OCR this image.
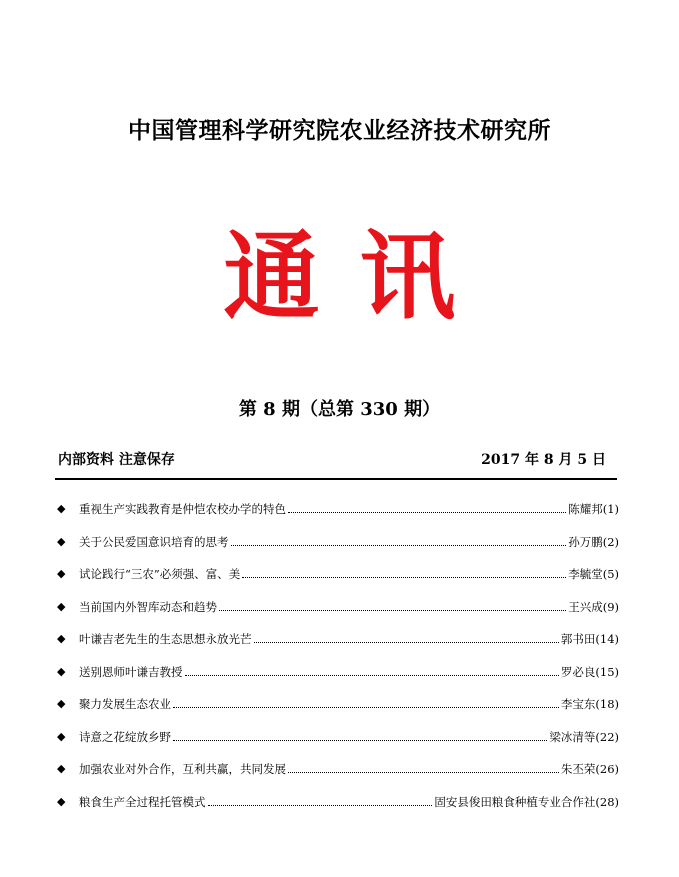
中国管理科学研究院农业经济技术研究所
通讯
第 8 期（总第 330 期）
内部资料 注意保存	2017 年 8 月 5 日
◆	重视生产实践教育是仲恺农校办学的特色	陈耀邦 (1)
◆	关于公民爱国意识培育的思考	孙万鹏 (2)
◆	试论践行“三农”必须强、富、美	李毓堂 (5)
◆	当前国内外智库动态和趋势	王兴成 (9)
◆	叶谦吉老先生的生态思想永放光芒	郭书田 (14)
◆	送别恩师叶谦吉教授	罗必良 (15)
◆	聚力发展生态农业	李宝东 (18)
◆	诗意之花绽放乡野	梁冰清等 (22)
◆	加强农业对外合作，互利共赢，共同发展	朱丕荣 (26)
◆	粮食生产全过程托管模式	固安县俊田粮食种植专业合作社 (28)
